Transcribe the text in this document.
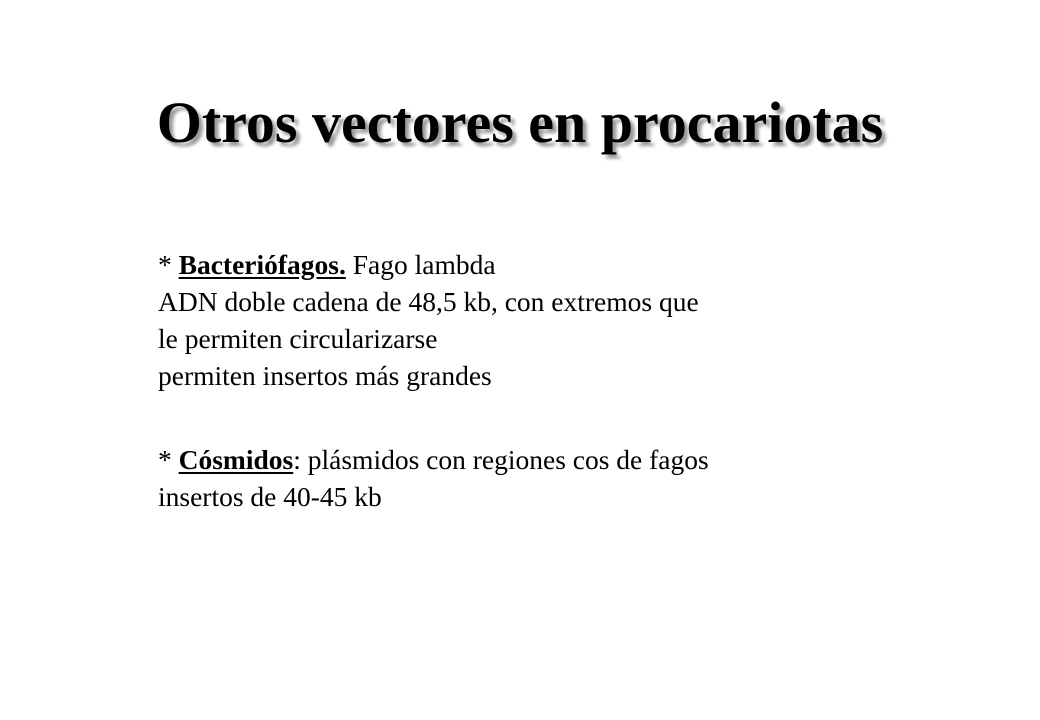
Otros vectores en procariotas
* Bacteriófagos. Fago lambda
ADN doble cadena de 48,5 kb, con extremos que
le permiten circularizarse
permiten insertos más grandes
* Cósmidos: plásmidos con regiones cos de fagos
insertos de 40-45 kb
